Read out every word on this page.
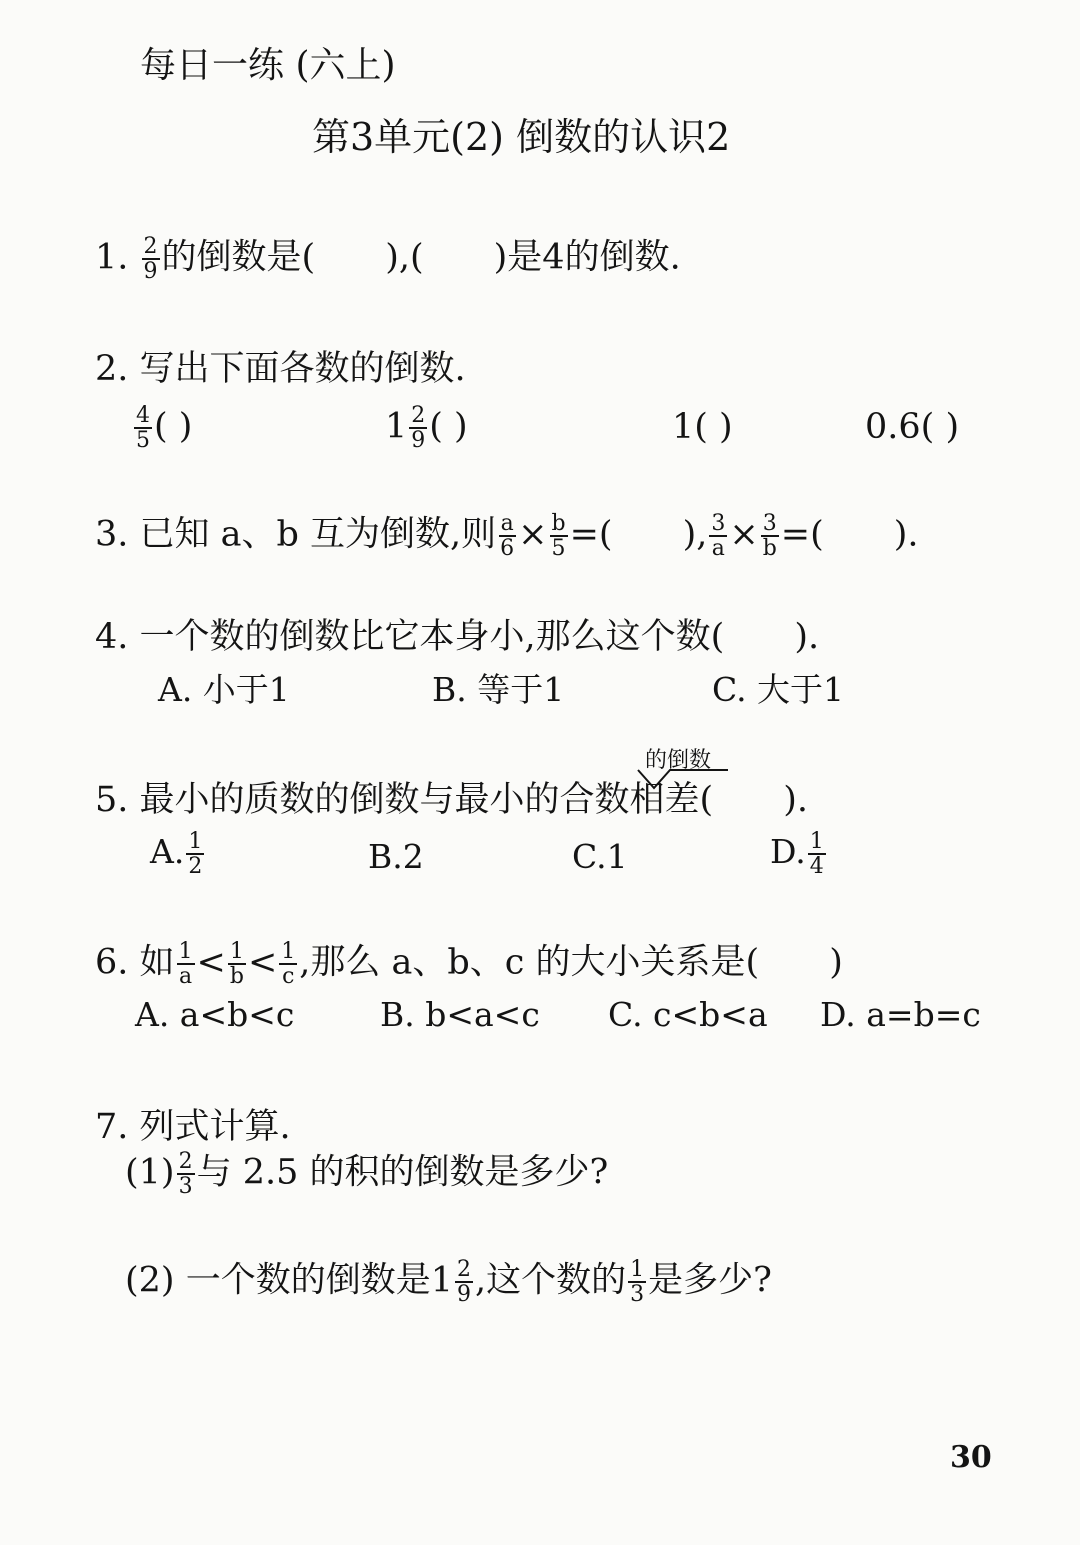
每日一练 (六上)
第3单元(2) 倒数的认识2
1. $\frac{2}{9}$ 的倒数是( ),( )是4的倒数.
2. 写出下面各数的倒数.
$\frac{4}{5}$ ( )	$1 \frac{2}{9}$ ( )	1( )	0.6( )
3. 已知 a、b 互为倒数,则 $\frac{a}{6} \times \frac{b}{5}$ =( ), $\frac{3}{a} \times \frac{3}{b}$ =( ).
4. 一个数的倒数比它本身小,那么这个数( ).
A. 小于1	B. 等于1	C. 大于1
的倒数
5. 最小的质数的倒数与最小的合数相差( ).
A. $\frac{1}{2}$	B.2	C.1	D. $\frac{1}{4}$
6. 如 $\frac{1}{a} < \frac{1}{b} < \frac{1}{c}$ ,那么 a、b、c 的大小关系是( )
A. a<b<c	B. b<a<c C. c<b<a D. a=b=c
7. 列式计算.
$(1) \frac{2}{3}$ 与 2.5 的积的倒数是多少?
(2) 一个数的倒数是$1 \frac{2}{9}$ ,这个数的 $\frac{1}{3}$ 是多少?
30
